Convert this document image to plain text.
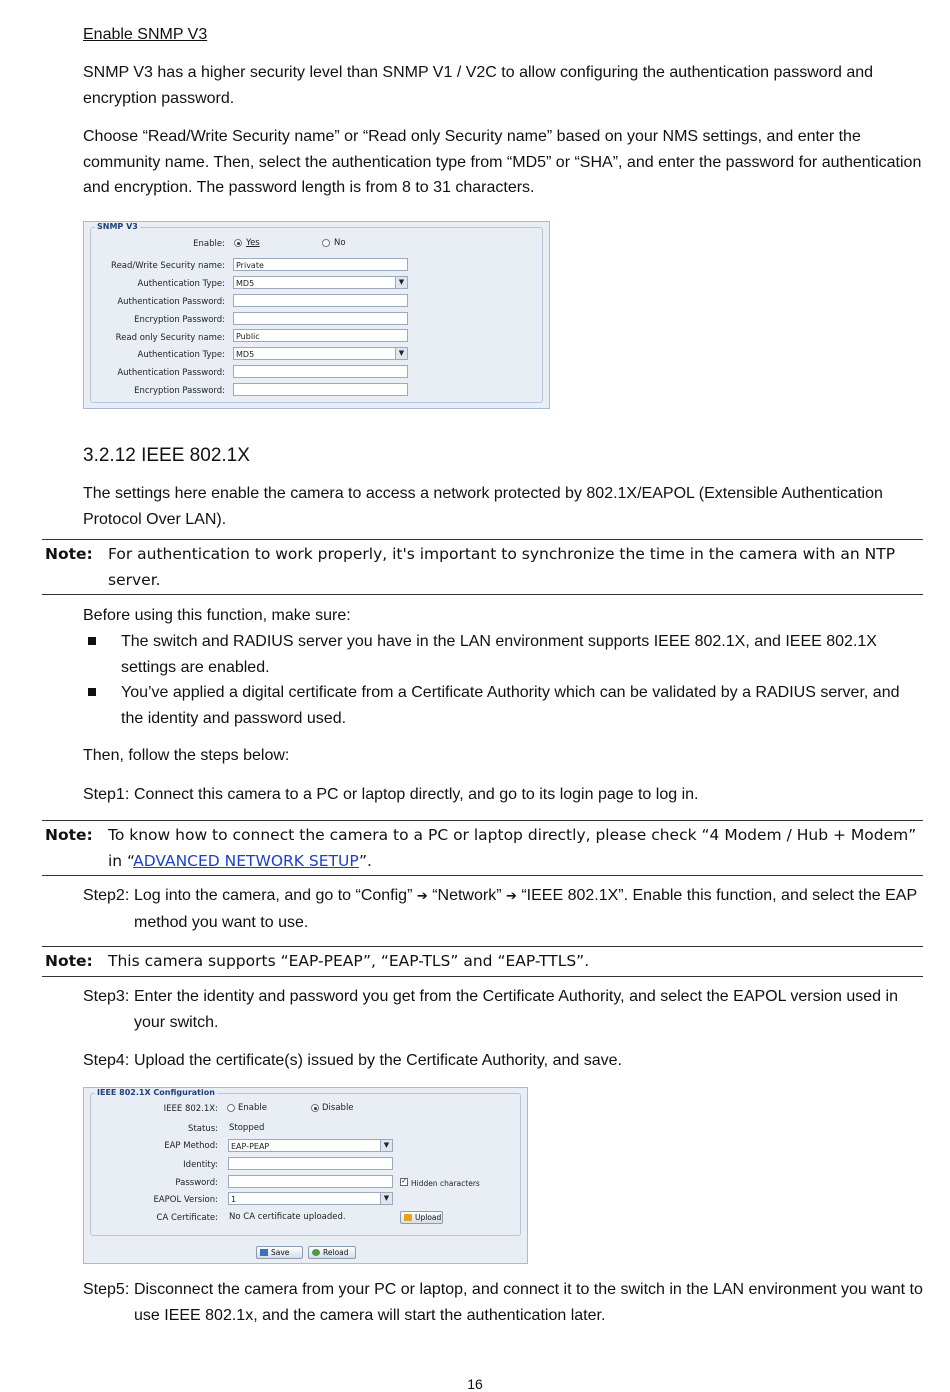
Enable SNMP V3
SNMP V3 has a higher security level than SNMP V1 / V2C to allow configuring the authentication password and encryption password.
Choose “Read/Write Security name” or “Read only Security name” based on your NMS settings, and enter the community name. Then, select the authentication type from “MD5” or “SHA”, and enter the password for authentication and encryption. The password length is from 8 to 31 characters.
SNMP V3
Enable: Yes	No
Read/Write Security name:	Private
Authentication Type:	MD5	▼
Authentication Password:
Encryption Password:
Read only Security name:	Public
Authentication Type:	MD5	▼
Authentication Password:
Encryption Password:
3.2.12 IEEE 802.1X
The settings here enable the camera to access a network protected by 802.1X/EAPOL (Extensible Authentication Protocol Over LAN).
Note: For authentication to work properly, it's important to synchronize the time in the camera with an NTP server.
Before using this function, make sure:
The switch and RADIUS server you have in the LAN environment supports IEEE 802.1X, and IEEE 802.1X settings are enabled.
You’ve applied a digital certificate from a Certificate Authority which can be validated by a RADIUS server, and the identity and password used.
Then, follow the steps below:
Step1: Connect this camera to a PC or laptop directly, and go to its login page to log in.
Note: To know how to connect the camera to a PC or laptop directly, please check “4 Modem / Hub + Modem” in “ADVANCED NETWORK SETUP”.
Step2: Log into the camera, and go to “Config” ➔ “Network” ➔ “IEEE 802.1X”. Enable this function, and select the EAP method you want to use.
Note: This camera supports “EAP-PEAP”, “EAP-TLS” and “EAP-TTLS”.
Step3: Enter the identity and password you get from the Certificate Authority, and select the EAPOL version used in your switch.
Step4: Upload the certificate(s) issued by the Certificate Authority, and save.
IEEE 802.1X Configuration
IEEE 802.1X: Enable	Disable
Status: Stopped
EAP Method:	EAP-PEAP	▼
Identity:
Password:	✓ Hidden characters
EAPOL Version:	1	▼
CA Certificate: No CA certificate uploaded.	Upload
Save	Reload
Step5: Disconnect the camera from your PC or laptop, and connect it to the switch in the LAN environment you want to use IEEE 802.1x, and the camera will start the authentication later.
16
